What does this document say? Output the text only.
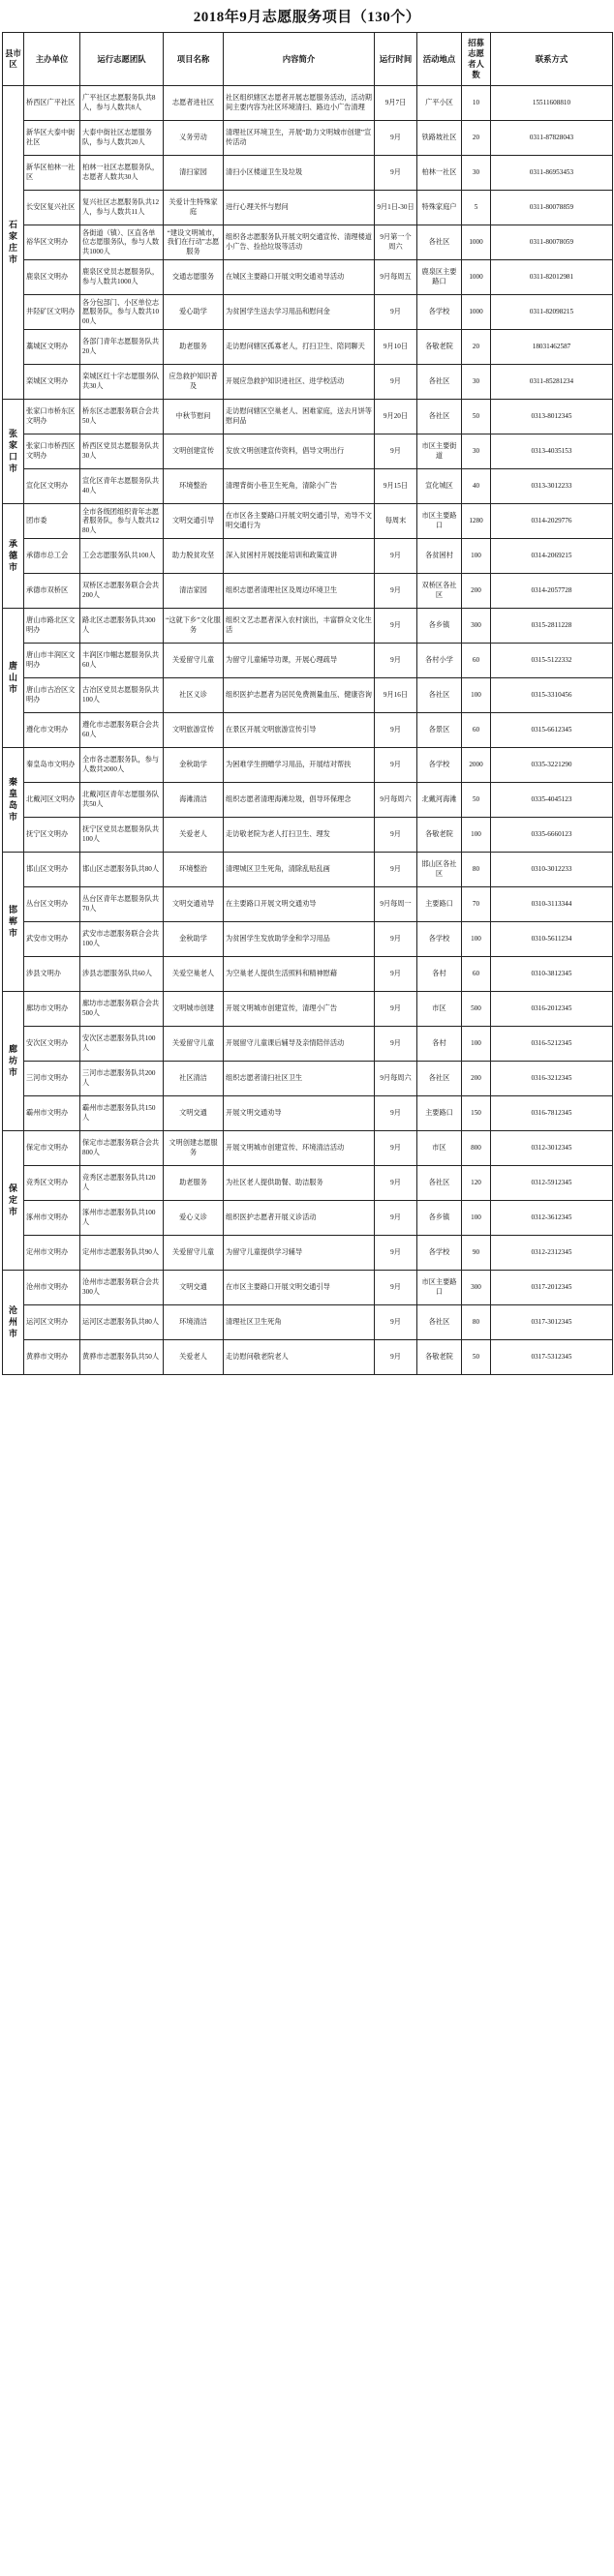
2018年9月志愿服务项目（130个）
县市区	主办单位	运行志愿团队	项目名称	内容简介	运行时间	活动地点	招募志愿者人数	联系方式
石家庄市	桥西区广平社区	广平社区志愿服务队共8人，参与人数共8人	志愿者进社区	社区组织辖区志愿者开展志愿服务活动，活动期间主要内容为社区环境清扫、路边小广告清理	9月7日	广平小区	10	15511608810
	新华区大泰中街社区	大泰中街社区志愿服务队，参与人数共20人	义务劳动	清理社区环境卫生，开展“助力文明城市创建”宣传活动	9月	铁路坡社区	20	0311-87828043
	新华区柏林一社区	柏林一社区志愿服务队，志愿者人数共30人	清扫家园	清扫小区楼道卫生及垃圾	9月	柏林一社区	30	0311-86953453
	长安区复兴社区	复兴社区志愿服务队共12人，参与人数共11人	关爱计生特殊家庭	进行心理关怀与慰问	9月1日-30日	特殊家庭户	5	0311-80078859
	裕华区文明办	各街道（镇）、区直各单位志愿服务队，参与人数共1000人	“建设文明城市，我们在行动”志愿服务	组织各志愿服务队开展文明交通宣传、清理楼道小广告、捡拾垃圾等活动	9月第一个周六	各社区	1000	0311-80078059
	鹿泉区文明办	鹿泉区党员志愿服务队，参与人数共1000人	交通志愿服务	在城区主要路口开展文明交通劝导活动	9月每周五	鹿泉区主要路口	1000	0311-82012981
	井陉矿区文明办	各分包部门、小区单位志愿服务队，参与人数共1000人	爱心助学	为贫困学生送去学习用品和慰问金	9月	各学校	1000	0311-82098215
	藁城区文明办	各部门青年志愿服务队共20人	助老服务	走访慰问辖区孤寡老人，打扫卫生、陪同聊天	9月10日	各敬老院	20	18031462587
	栾城区文明办	栾城区红十字志愿服务队共30人	应急救护知识普及	开展应急救护知识进社区、进学校活动	9月	各社区	30	0311-85281234
张家口市	张家口市桥东区文明办	桥东区志愿服务联合会共50人	中秋节慰问	走访慰问辖区空巢老人、困难家庭，送去月饼等慰问品	9月20日	各社区	50	0313-8012345
	张家口市桥西区文明办	桥西区党员志愿服务队共30人	文明创建宣传	发放文明创建宣传资料，倡导文明出行	9月	市区主要街道	30	0313-4035153
	宣化区文明办	宣化区青年志愿服务队共40人	环境整治	清理背街小巷卫生死角，清除小广告	9月15日	宣化城区	40	0313-3012233
承德市	团市委	全市各级团组织青年志愿者服务队，参与人数共1280人	文明交通引导	在市区各主要路口开展文明交通引导，劝导不文明交通行为	每周末	市区主要路口	1280	0314-2029776
	承德市总工会	工会志愿服务队共100人	助力脱贫攻坚	深入贫困村开展技能培训和政策宣讲	9月	各贫困村	100	0314-2069215
	承德市双桥区	双桥区志愿服务联合会共200人	清洁家园	组织志愿者清理社区及周边环境卫生	9月	双桥区各社区	200	0314-2057728
唐山市	唐山市路北区文明办	路北区志愿服务队共300人	“这就下乡”文化服务	组织文艺志愿者深入农村演出，丰富群众文化生活	9月	各乡镇	300	0315-2811228
	唐山市丰润区文明办	丰润区巾帼志愿服务队共60人	关爱留守儿童	为留守儿童辅导功课，开展心理疏导	9月	各村小学	60	0315-5122332
	唐山市古冶区文明办	古冶区党员志愿服务队共100人	社区义诊	组织医护志愿者为居民免费测量血压、健康咨询	9月16日	各社区	100	0315-3310456
	遵化市文明办	遵化市志愿服务联合会共60人	文明旅游宣传	在景区开展文明旅游宣传引导	9月	各景区	60	0315-6612345
秦皇岛市	秦皇岛市文明办	全市各志愿服务队，参与人数共2000人	金秋助学	为困难学生捐赠学习用品，开展结对帮扶	9月	各学校	2000	0335-3221290
	北戴河区文明办	北戴河区青年志愿服务队共50人	海滩清洁	组织志愿者清理海滩垃圾，倡导环保理念	9月每周六	北戴河海滩	50	0335-4045123
	抚宁区文明办	抚宁区党员志愿服务队共100人	关爱老人	走访敬老院为老人打扫卫生、理发	9月	各敬老院	100	0335-6660123
邯郸市	邯山区文明办	邯山区志愿服务队共80人	环境整治	清理城区卫生死角，清除乱贴乱画	9月	邯山区各社区	80	0310-3012233
	丛台区文明办	丛台区青年志愿服务队共70人	文明交通劝导	在主要路口开展文明交通劝导	9月每周一	主要路口	70	0310-3113344
	武安市文明办	武安市志愿服务联合会共100人	金秋助学	为贫困学生发放助学金和学习用品	9月	各学校	100	0310-5611234
	涉县文明办	涉县志愿服务队共60人	关爱空巢老人	为空巢老人提供生活照料和精神慰藉	9月	各村	60	0310-3812345
廊坊市	廊坊市文明办	廊坊市志愿服务联合会共500人	文明城市创建	开展文明城市创建宣传，清理小广告	9月	市区	500	0316-2012345
	安次区文明办	安次区志愿服务队共100人	关爱留守儿童	开展留守儿童课后辅导及亲情陪伴活动	9月	各村	100	0316-5212345
	三河市文明办	三河市志愿服务队共200人	社区清洁	组织志愿者清扫社区卫生	9月每周六	各社区	200	0316-3212345
	霸州市文明办	霸州市志愿服务队共150人	文明交通	开展文明交通劝导	9月	主要路口	150	0316-7812345
保定市	保定市文明办	保定市志愿服务联合会共800人	文明创建志愿服务	开展文明城市创建宣传、环境清洁活动	9月	市区	800	0312-3012345
	竞秀区文明办	竞秀区志愿服务队共120人	助老服务	为社区老人提供助餐、助洁服务	9月	各社区	120	0312-5912345
	涿州市文明办	涿州市志愿服务队共100人	爱心义诊	组织医护志愿者开展义诊活动	9月	各乡镇	100	0312-3612345
	定州市文明办	定州市志愿服务队共90人	关爱留守儿童	为留守儿童提供学习辅导	9月	各学校	90	0312-2312345
沧州市	沧州市文明办	沧州市志愿服务联合会共300人	文明交通	在市区主要路口开展文明交通引导	9月	市区主要路口	300	0317-2012345
	运河区文明办	运河区志愿服务队共80人	环境清洁	清理社区卫生死角	9月	各社区	80	0317-3012345
	黄骅市文明办	黄骅市志愿服务队共50人	关爱老人	走访慰问敬老院老人	9月	各敬老院	50	0317-5312345
